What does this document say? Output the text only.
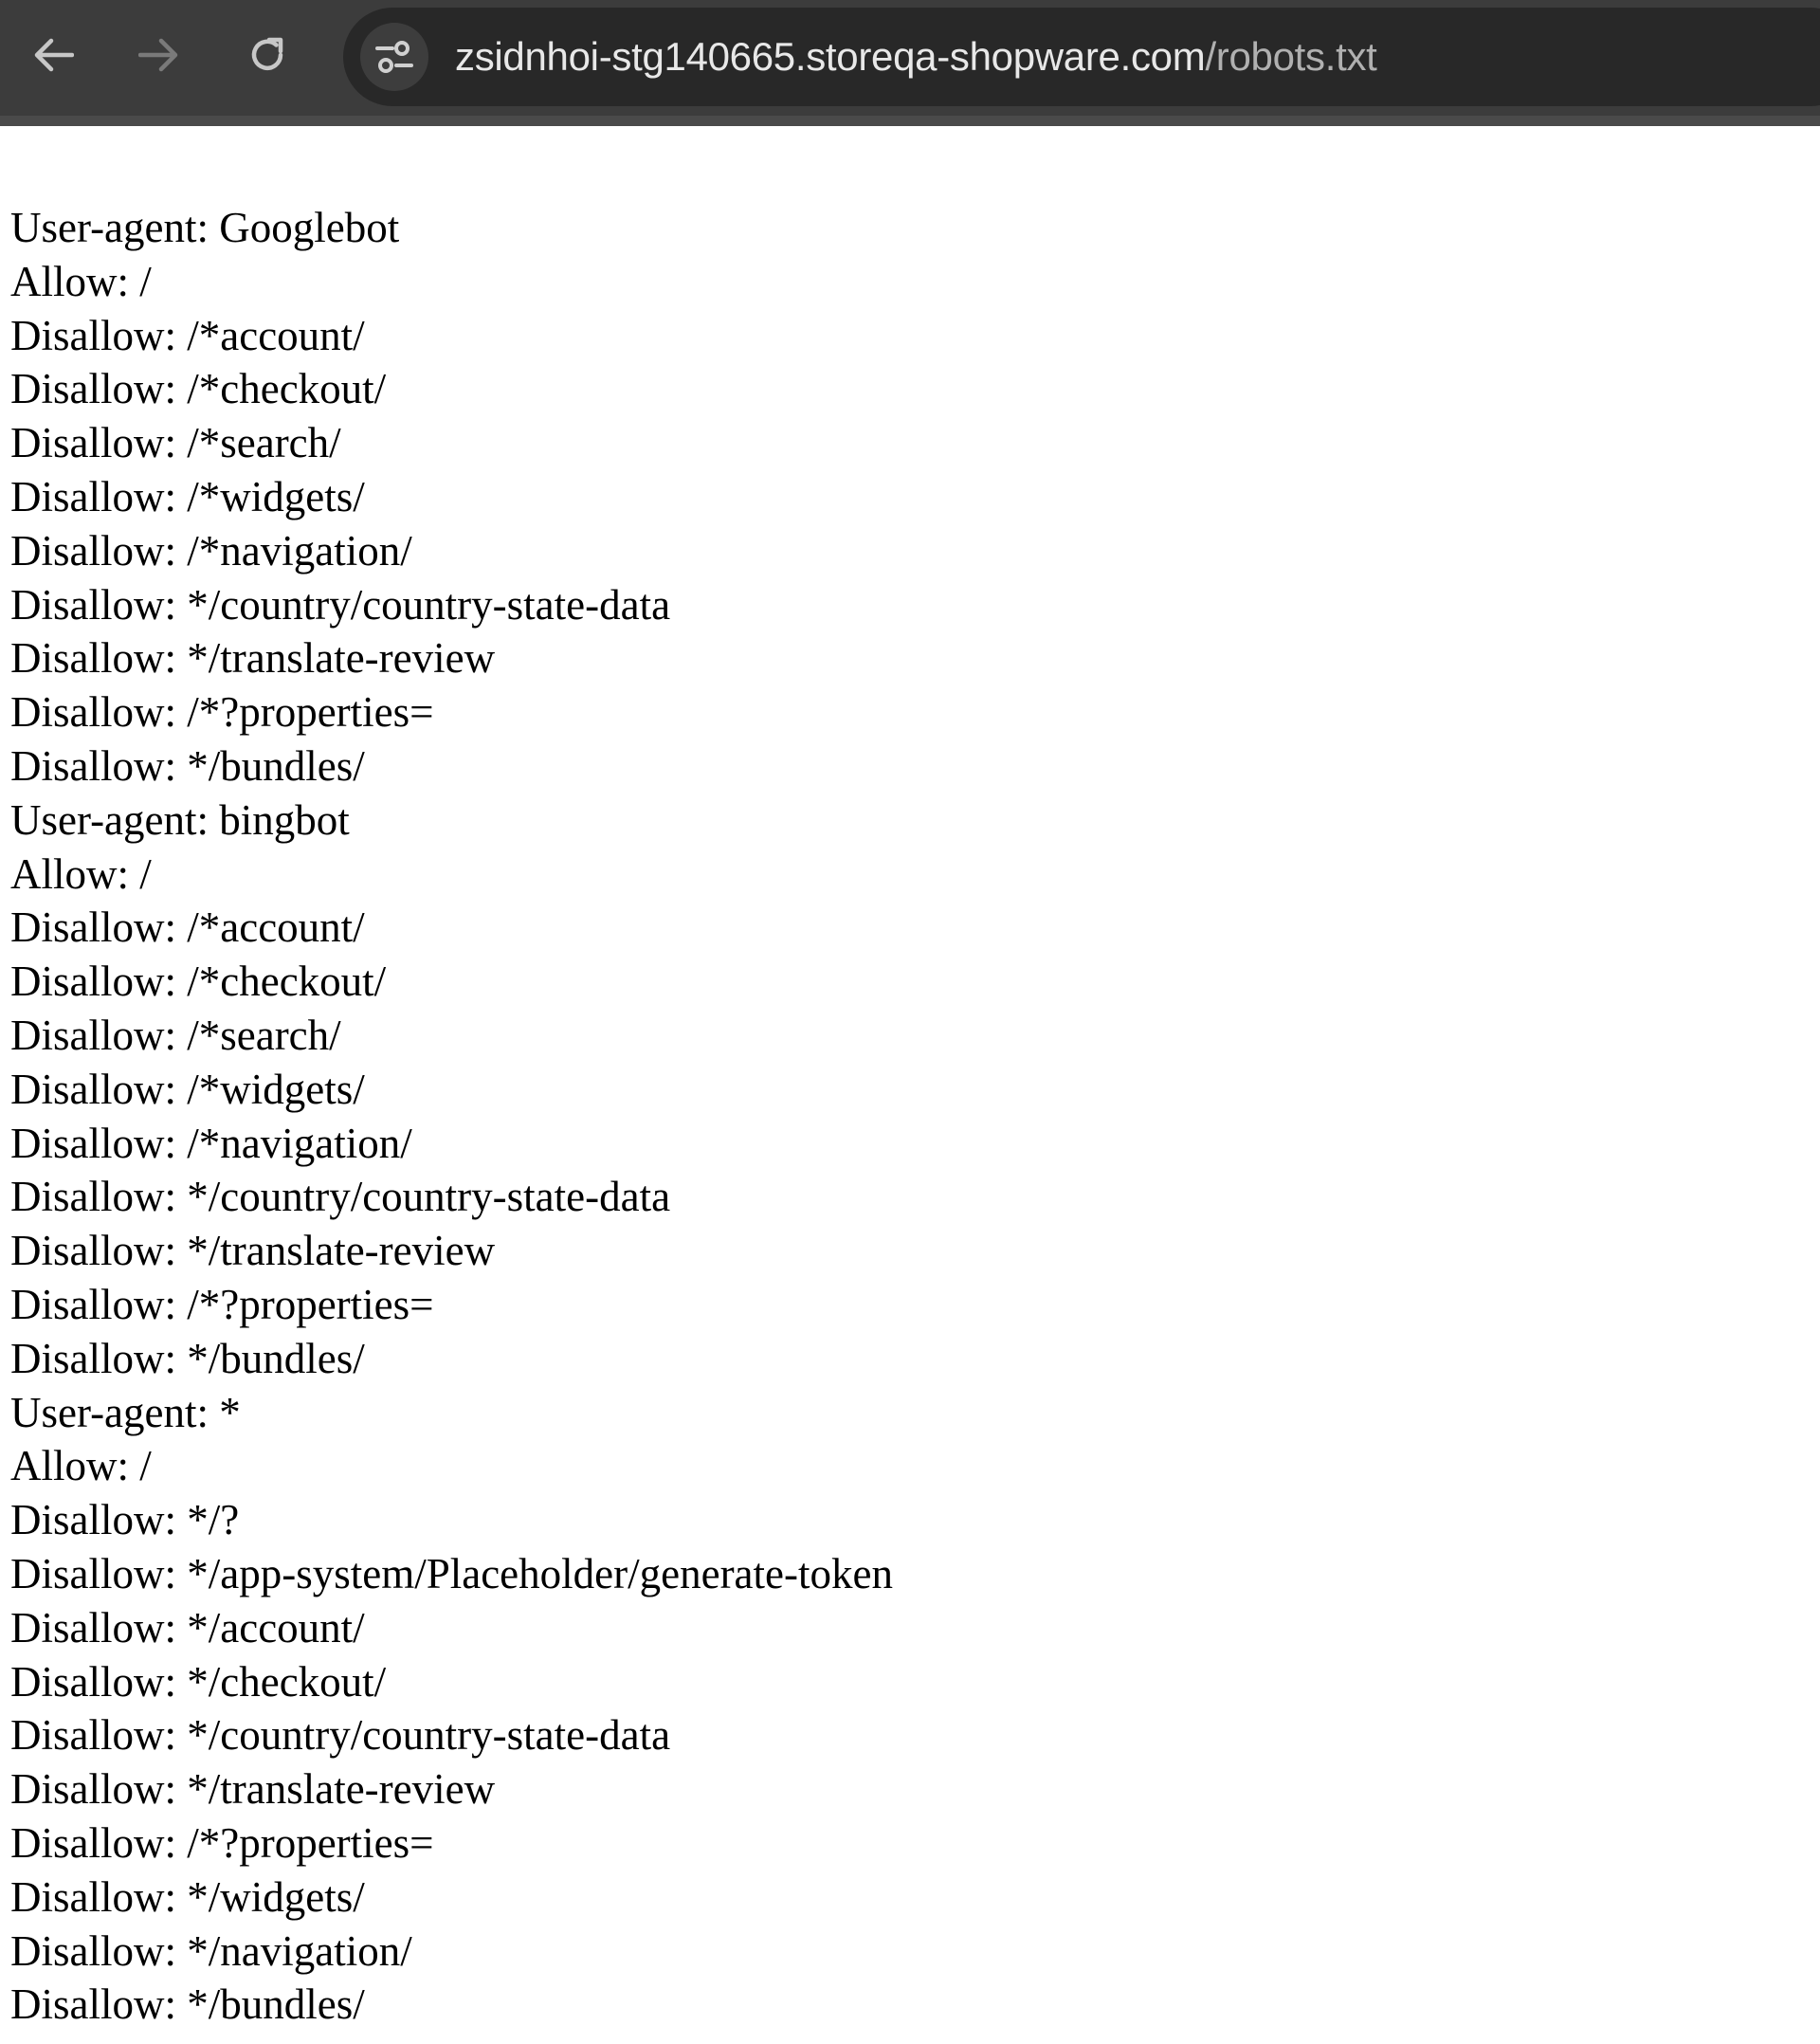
zsidnhoi-stg140665.storeqa-shopware.com/robots.txt
User-agent: Googlebot
Allow: /
Disallow: /*account/
Disallow: /*checkout/
Disallow: /*search/
Disallow: /*widgets/
Disallow: /*navigation/
Disallow: */country/country-state-data
Disallow: */translate-review
Disallow: /*?properties=
Disallow: */bundles/
User-agent: bingbot
Allow: /
Disallow: /*account/
Disallow: /*checkout/
Disallow: /*search/
Disallow: /*widgets/
Disallow: /*navigation/
Disallow: */country/country-state-data
Disallow: */translate-review
Disallow: /*?properties=
Disallow: */bundles/
User-agent: *
Allow: /
Disallow: */?
Disallow: */app-system/Placeholder/generate-token
Disallow: */account/
Disallow: */checkout/
Disallow: */country/country-state-data
Disallow: */translate-review
Disallow: /*?properties=
Disallow: */widgets/
Disallow: */navigation/
Disallow: */bundles/
